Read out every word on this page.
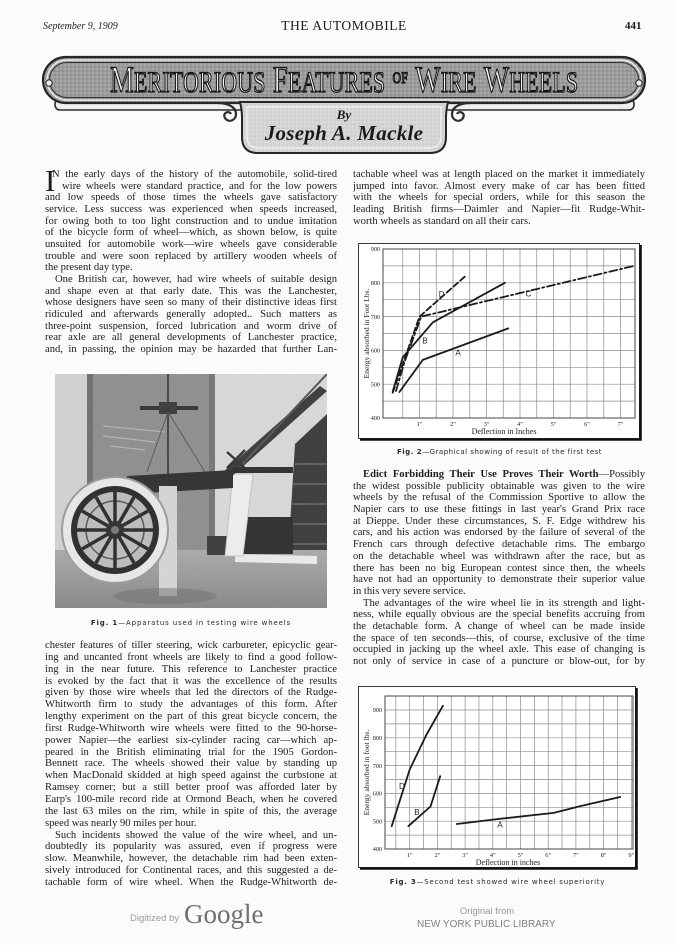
September 9, 1909	THE AUTOMOBILE	441
MERITORIOUS FEATURES OF WIRE WHEELS
By
Joseph A. Mackle
I
N the early days of the history of the automobile, solid-tired
wire wheels were standard practice, and for the low powers
and low speeds of those times the wheels gave satisfactory
service. Less success was experienced when speeds increased,
for owing both to too light construction and to undue imitation
of the bicycle form of wheel—which, as shown below, is quite
unsuited for automobile work—wire wheels gave considerable
trouble and were soon replaced by artillery wooden wheels of
the present day type.
One British car, however, had wire wheels of suitable design
and shape even at that early date. This was the Lanchester,
whose designers have seen so many of their distinctive ideas first
ridiculed and afterwards generally adopted.. Such matters as
three-point suspension, forced lubrication and worm drive of
rear axle are all general developments of Lanchester practice,
and, in passing, the opinion may be hazarded that further Lan-
Fig. 1—Apparatus used in testing wire wheels
chester features of tiller steering, wick carbureter, epicyclic gear-
ing and uncanted front wheels are likely to find a good follow-
ing in the near future. This reference to Lanchester practice
is evoked by the fact that it was the excellence of the results
given by those wire wheels that led the directors of the Rudge-
Whitworth firm to study the advantages of this form. After
lengthy experiment on the part of this great bicycle concern, the
first Rudge-Whitworth wire wheels were fitted to the 90-horse-
power Napier—the earliest six-cylinder racing car—which ap-
peared in the British eliminating trial for the 1905 Gordon-
Bennett race. The wheels showed their value by standing up
when MacDonald skidded at high speed against the curbstone at
Ramsey corner; but a still better proof was afforded later by
Earp's 100-mile record ride at Ormond Beach, when he covered
the last 63 miles on the rim, while in spite of this, the average
speed was nearly 90 miles per hour.
Such incidents showed the value of the wire wheel, and un-
doubtedly its popularity was assured, even if progress were
slow. Meanwhile, however, the detachable rim had been exten-
sively introduced for Continental races, and this suggested a de-
tachable form of wire wheel. When the Rudge-Whitworth de-
tachable wheel was at length placed on the market it immediately
jumped into favor. Almost every make of car has been fitted
with the wheels for special orders, while for this season the
leading British firms—Daimler and Napier—fit Rudge-Whit-
worth wheels as standard on all their cars.
900
800
700
600
500
400
1"	2"	3"	4"	5"	6"	7"
Deflection in Inches
Energy absorbed in Foot Lbs.	A
B
C
D
Fig. 2—Graphical showing of result of the first test
Edict Forbidding Their Use Proves Their Worth—Possibly
the widest possible publicity obtainable was given to the wire
wheels by the refusal of the Commission Sportive to allow the
Napier cars to use these fittings in last year's Grand Prix race
at Dieppe. Under these circumstances, S. F. Edge withdrew his
cars, and his action was endorsed by the failure of several of the
French cars through defective detachable rims. The embargo
on the detachable wheel was withdrawn after the race, but as
there has been no big European contest since then, the wheels
have not had an opportunity to demonstrate their superior value
in this very severe service.
The advantages of the wire wheel lie in its strength and light-
ness, while equally obvious are the special benefits accruing from
the detachable form. A change of wheel can be made inside
the space of ten seconds—this, of course, exclusive of the time
occupied in jacking up the wheel axle. This ease of changing is
not only of service in case of a puncture or blow-out, for by
900
800
700
600
500
400
1"	2"	3"	4"	5"	6"	7"	8"	9"
Deflection in inches
Energy absorbed in foot lbs.
A
B
D
Fig. 3—Second test showed wire wheel superiority
Digitized by Google	Original from
NEW YORK PUBLIC LIBRARY
